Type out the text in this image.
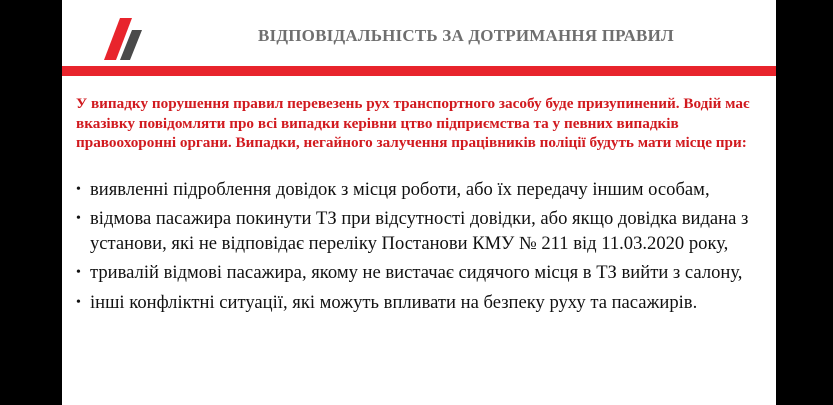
ВІДПОВІДАЛЬНІСТЬ ЗА ДОТРИМАННЯ ПРАВИЛ

У випадку порушення правил перевезень рух транспортного засобу буде призупинений. Водій має вказівку повідомляти про всі випадки керівни цтво підприємства та у певних випадків правоохоронні органи. Випадки, негайного залучення працівників поліції будуть мати місце при:

• виявленні підроблення довідок з місця роботи, або їх передачу іншим особам,
• відмова пасажира покинути ТЗ при відсутності довідки, або якщо довідка видана з установи, які не відповідає переліку Постанови КМУ № 211 від 11.03.2020 року,
• тривалій відмові пасажира, якому не вистачає сидячого місця в ТЗ вийти з салону,
• інші конфліктні ситуації, які можуть впливати на безпеку руху та пасажирів.
